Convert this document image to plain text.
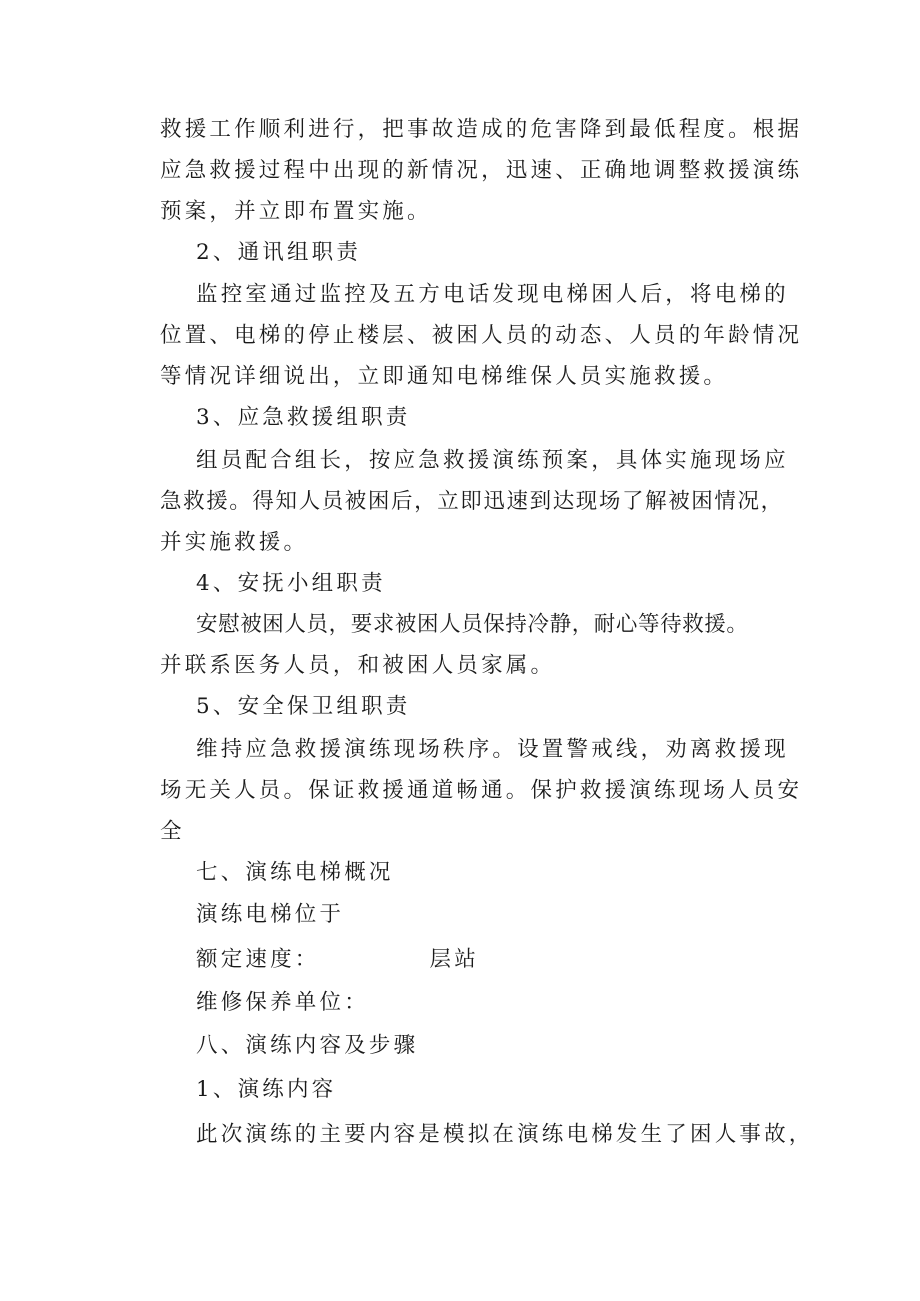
救援工作顺利进行，把事故造成的危害降到最低程度。根据
应急救援过程中出现的新情况，迅速、正确地调整救援演练
预案，并立即布置实施。
2、通讯组职责
监控室通过监控及五方电话发现电梯困人后，将电梯的
位置、电梯的停止楼层、被困人员的动态、人员的年龄情况
等情况详细说出，立即通知电梯维保人员实施救援。
3、应急救援组职责
组员配合组长，按应急救援演练预案，具体实施现场应
急救援。得知人员被困后，立即迅速到达现场了解被困情况，
并实施救援。
4、安抚小组职责
安慰被困人员，要求被困人员保持冷静，耐心等待救援。
并联系医务人员，和被困人员家属。
5、安全保卫组职责
维持应急救援演练现场秩序。设置警戒线，劝离救援现
场无关人员。保证救援通道畅通。保护救援演练现场人员安
全
七、演练电梯概况
演练电梯位于
额定速度：	层站
维修保养单位：
八、演练内容及步骤
1、演练内容
此次演练的主要内容是模拟在演练电梯发生了困人事故，
